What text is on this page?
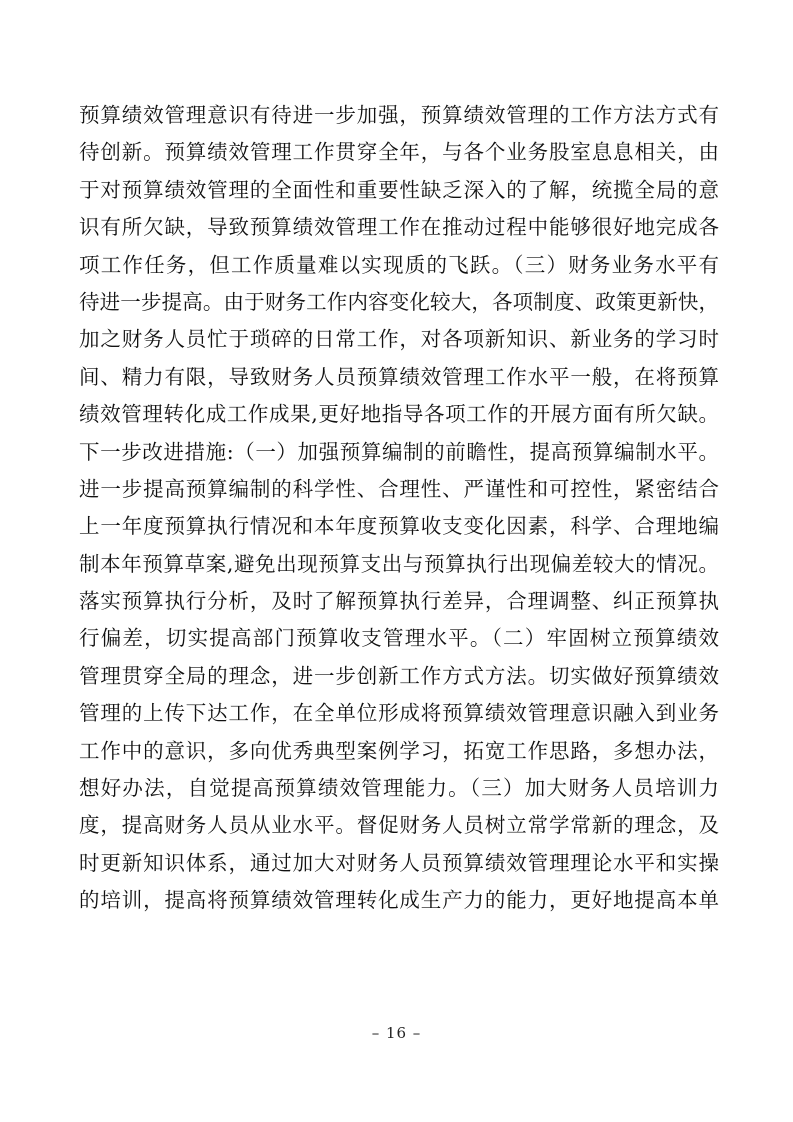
预算绩效管理意识有待进一步加强，预算绩效管理的工作方法方式有
待创新。预算绩效管理工作贯穿全年，与各个业务股室息息相关，由
于对预算绩效管理的全面性和重要性缺乏深入的了解，统揽全局的意
识有所欠缺，导致预算绩效管理工作在推动过程中能够很好地完成各
项工作任务，但工作质量难以实现质的飞跃。（三）财务业务水平有
待进一步提高。由于财务工作内容变化较大，各项制度、政策更新快，
加之财务人员忙于琐碎的日常工作，对各项新知识、新业务的学习时
间、精力有限，导致财务人员预算绩效管理工作水平一般，在将预算
绩效管理转化成工作成果,更好地指导各项工作的开展方面有所欠缺。
下一步改进措施:（一）加强预算编制的前瞻性，提高预算编制水平。
进一步提高预算编制的科学性、合理性、严谨性和可控性，紧密结合
上一年度预算执行情况和本年度预算收支变化因素，科学、合理地编
制本年预算草案,避免出现预算支出与预算执行出现偏差较大的情况。
落实预算执行分析，及时了解预算执行差异，合理调整、纠正预算执
行偏差，切实提高部门预算收支管理水平。（二）牢固树立预算绩效
管理贯穿全局的理念，进一步创新工作方式方法。切实做好预算绩效
管理的上传下达工作，在全单位形成将预算绩效管理意识融入到业务
工作中的意识，多向优秀典型案例学习，拓宽工作思路，多想办法，
想好办法，自觉提高预算绩效管理能力。（三）加大财务人员培训力
度，提高财务人员从业水平。督促财务人员树立常学常新的理念，及
时更新知识体系，通过加大对财务人员预算绩效管理理论水平和实操
的培训，提高将预算绩效管理转化成生产力的能力，更好地提高本单
– 16 –
